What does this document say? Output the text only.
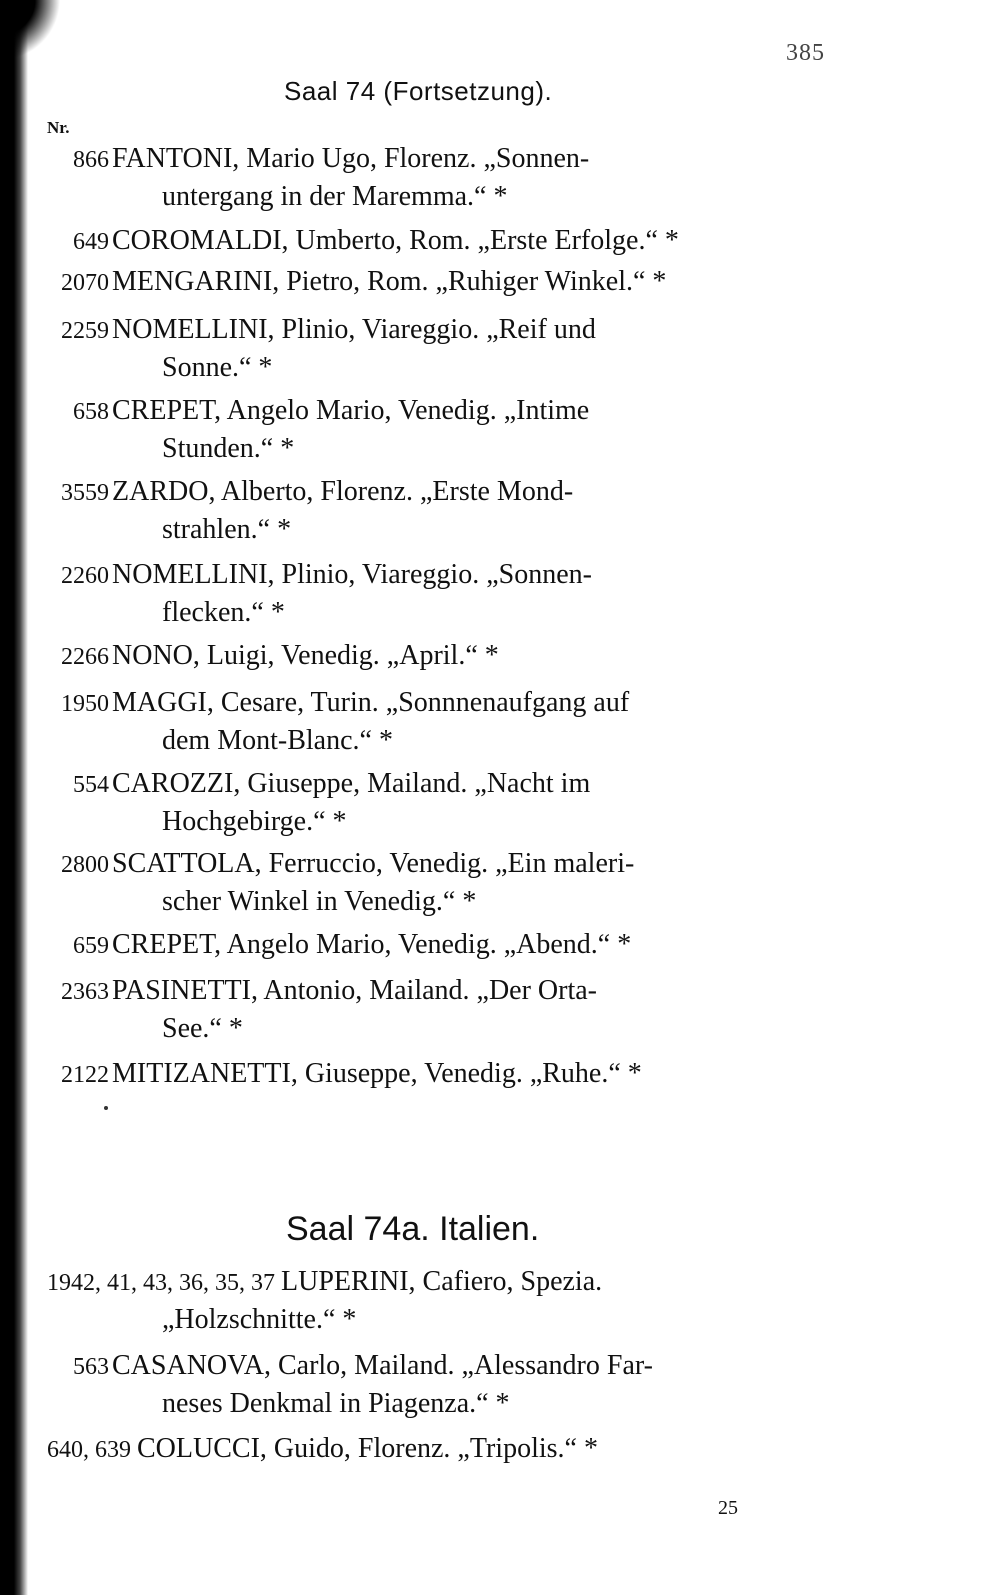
385
Saal 74 (Fortsetzung).
Nr.
866 FANTONI, Mario Ugo, Florenz. „Sonnen-
untergang in der Maremma.“ *
649 COROMALDI, Umberto, Rom. „Erste Erfolge.“ *
2070 MENGARINI, Pietro, Rom. „Ruhiger Winkel.“ *
2259 NOMELLINI, Plinio, Viareggio. „Reif und
Sonne.“ *
658 CREPET, Angelo Mario, Venedig. „Intime
Stunden.“ *
3559 ZARDO, Alberto, Florenz. „Erste Mond-
strahlen.“ *
2260 NOMELLINI, Plinio, Viareggio. „Sonnen-
flecken.“ *
2266 NONO, Luigi, Venedig. „April.“ *
1950 MAGGI, Cesare, Turin. „Sonnnenaufgang auf
dem Mont-Blanc.“ *
554 CAROZZI, Giuseppe, Mailand. „Nacht im
Hochgebirge.“ *
2800 SCATTOLA, Ferruccio, Venedig. „Ein maleri-
scher Winkel in Venedig.“ *
659 CREPET, Angelo Mario, Venedig. „Abend.“ *
2363 PASINETTI, Antonio, Mailand. „Der Orta-
See.“ *
2122 MITIZANETTI, Giuseppe, Venedig. „Ruhe.“ *
Saal 74a. Italien.
1942, 41, 43, 36, 35, 37 LUPERINI, Cafiero, Spezia.
„Holzschnitte.“ *
563 CASANOVA, Carlo, Mailand. „Alessandro Far-
neses Denkmal in Piagenza.“ *
640, 639 COLUCCI, Guido, Florenz. „Tripolis.“ *
25
